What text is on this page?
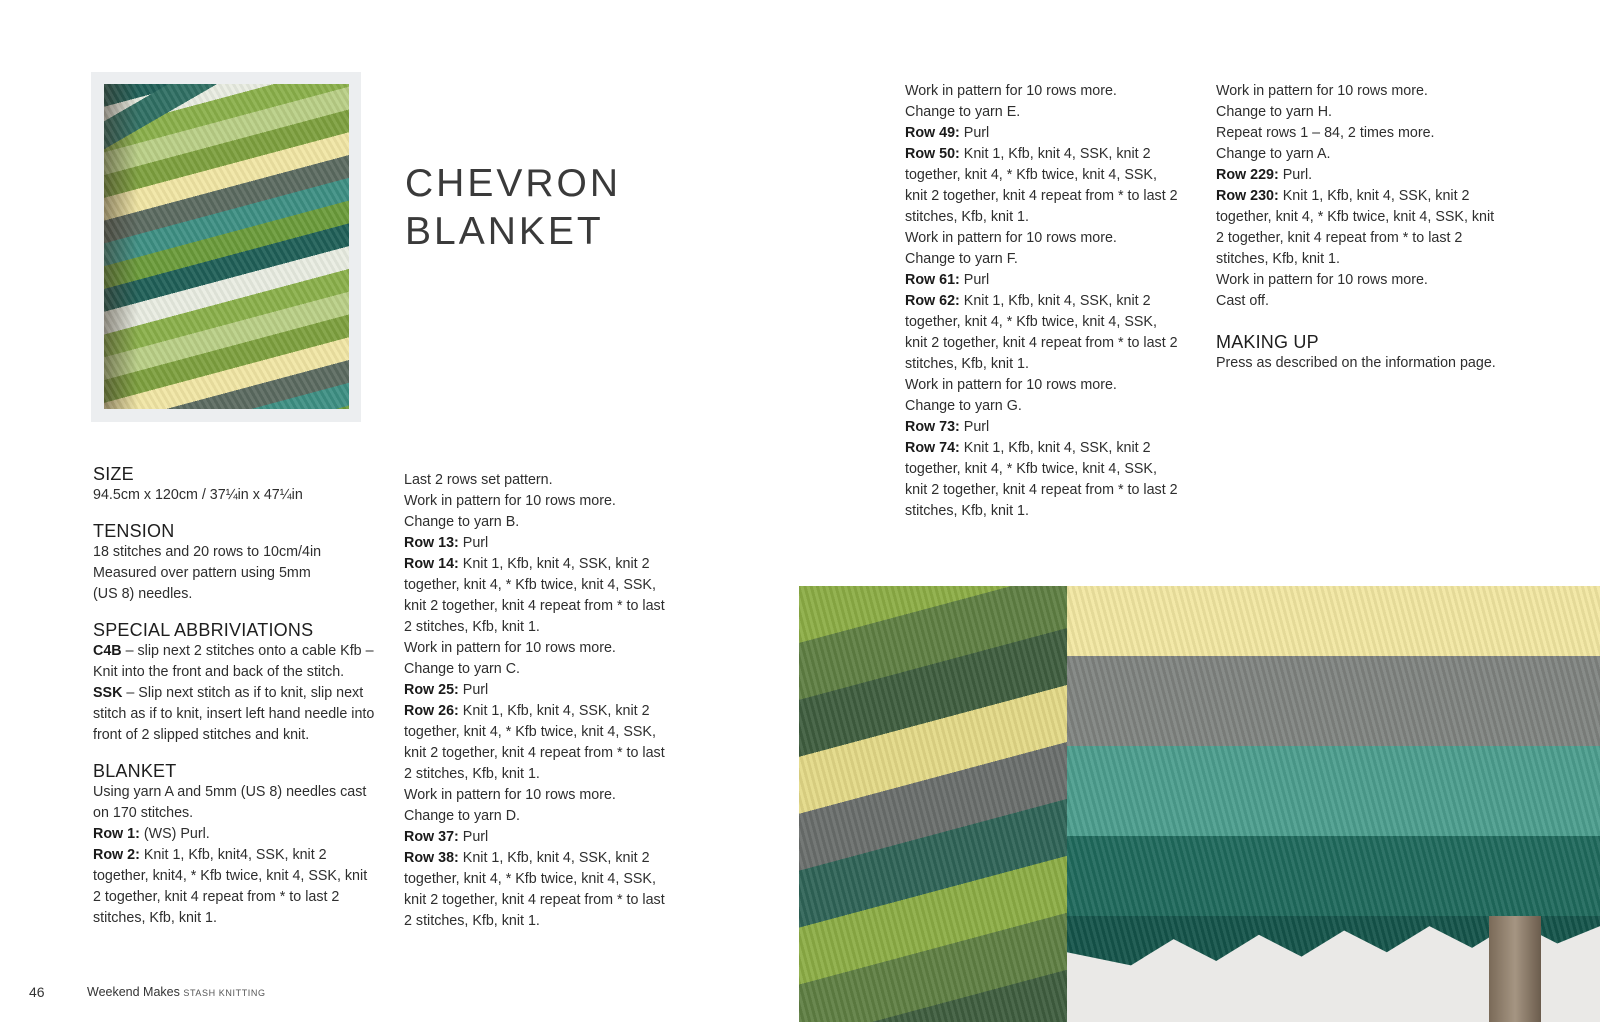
CHEVRON
BLANKET
SIZE

94.5cm x 120cm / 37¼in x 47¼in

TENSION

18 stitches and 20 rows to 10cm/4in

Measured over pattern using 5mm

(US 8) needles.

SPECIAL ABBRIVIATIONS

C4B – slip next 2 stitches onto a cable Kfb – Knit into the front and back of the stitch.

SSK – Slip next stitch as if to knit, slip next stitch as if to knit, insert left hand needle into front of 2 slipped stitches and knit.

BLANKET

Using yarn A and 5mm (US 8) needles cast on 170 stitches.

Row 1: (WS) Purl.

Row 2: Knit 1, Kfb, knit4, SSK, knit 2 together, knit4, * Kfb twice, knit 4, SSK, knit 2 together, knit 4 repeat from * to last 2 stitches, Kfb, knit 1.

Last 2 rows set pattern.

Work in pattern for 10 rows more.

Change to yarn B.

Row 13: Purl

Row 14: Knit 1, Kfb, knit 4, SSK, knit 2 together, knit 4, * Kfb twice, knit 4, SSK, knit 2 together, knit 4 repeat from * to last 2 stitches, Kfb, knit 1.

Work in pattern for 10 rows more.

Change to yarn C.

Row 25: Purl

Row 26: Knit 1, Kfb, knit 4, SSK, knit 2 together, knit 4, * Kfb twice, knit 4, SSK, knit 2 together, knit 4 repeat from * to last 2 stitches, Kfb, knit 1.

Work in pattern for 10 rows more.

Change to yarn D.

Row 37: Purl

Row 38: Knit 1, Kfb, knit 4, SSK, knit 2 together, knit 4, * Kfb twice, knit 4, SSK, knit 2 together, knit 4 repeat from * to last 2 stitches, Kfb, knit 1.

Work in pattern for 10 rows more.

Change to yarn E.

Row 49: Purl

Row 50: Knit 1, Kfb, knit 4, SSK, knit 2 together, knit 4, * Kfb twice, knit 4, SSK, knit 2 together, knit 4 repeat from * to last 2 stitches, Kfb, knit 1.

Work in pattern for 10 rows more.

Change to yarn F.

Row 61: Purl

Row 62: Knit 1, Kfb, knit 4, SSK, knit 2 together, knit 4, * Kfb twice, knit 4, SSK, knit 2 together, knit 4 repeat from * to last 2 stitches, Kfb, knit 1.

Work in pattern for 10 rows more.

Change to yarn G.

Row 73: Purl

Row 74: Knit 1, Kfb, knit 4, SSK, knit 2 together, knit 4, * Kfb twice, knit 4, SSK, knit 2 together, knit 4 repeat from * to last 2 stitches, Kfb, knit 1.

Work in pattern for 10 rows more.

Change to yarn H.

Repeat rows 1 – 84, 2 times more.

Change to yarn A.

Row 229: Purl.

Row 230: Knit 1, Kfb, knit 4, SSK, knit 2 together, knit 4, * Kfb twice, knit 4, SSK, knit 2 together, knit 4 repeat from * to last 2 stitches, Kfb, knit 1.

Work in pattern for 10 rows more.

Cast off.

MAKING UP

Press as described on the information page.

46	Weekend Makes STASH KNITTING
